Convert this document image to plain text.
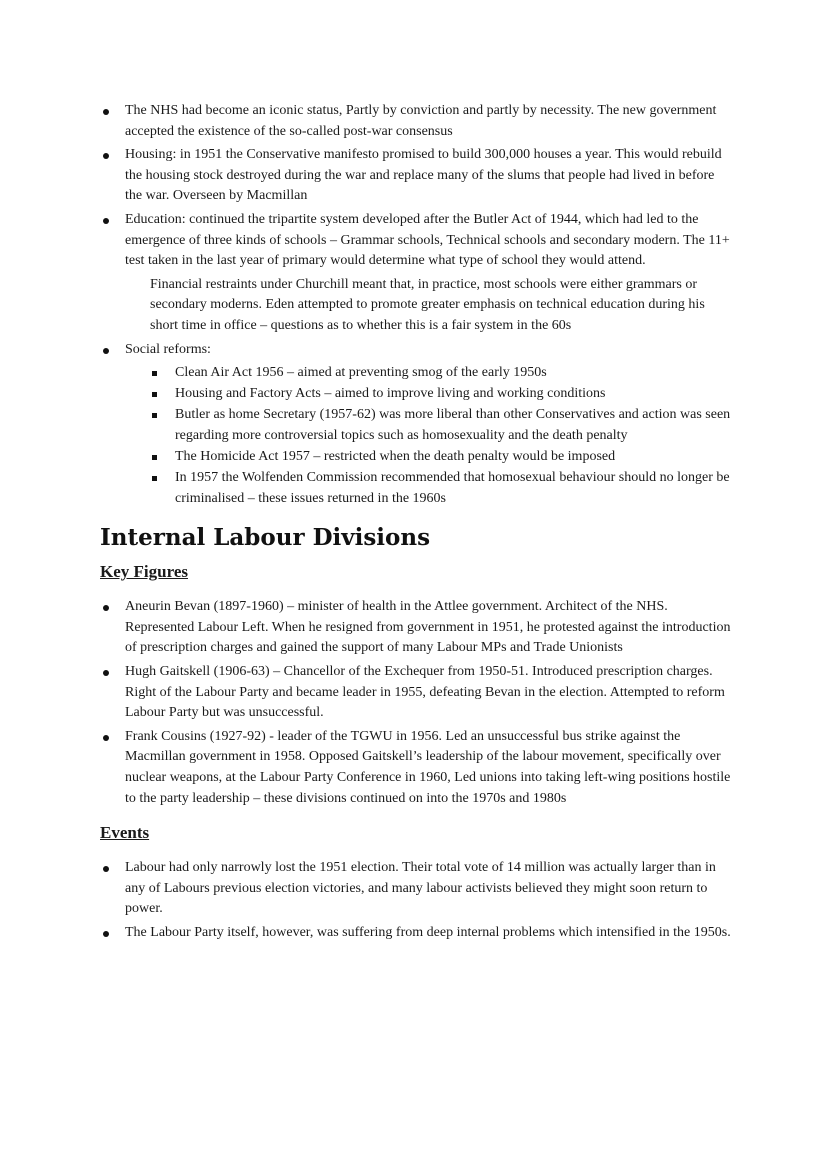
The NHS had become an iconic status, Partly by conviction and partly by necessity. The new government accepted the existence of the so-called post-war consensus
Housing: in 1951 the Conservative manifesto promised to build 300,000 houses a year. This would rebuild the housing stock destroyed during the war and replace many of the slums that people had lived in before the war. Overseen by Macmillan
Education: continued the tripartite system developed after the Butler Act of 1944, which had led to the emergence of three kinds of schools – Grammar schools, Technical schools and secondary modern. The 11+ test taken in the last year of primary would determine what type of school they would attend.

Financial restraints under Churchill meant that, in practice, most schools were either grammars or secondary moderns. Eden attempted to promote greater emphasis on technical education during his short time in office – questions as to whether this is a fair system in the 60s

Social reforms:
Clean Air Act 1956 – aimed at preventing smog of the early 1950s
Housing and Factory Acts – aimed to improve living and working conditions
Butler as home Secretary (1957-62) was more liberal than other Conservatives and action was seen regarding more controversial topics such as homosexuality and the death penalty
The Homicide Act 1957 – restricted when the death penalty would be imposed
In 1957 the Wolfenden Commission recommended that homosexual behaviour should no longer be criminalised – these issues returned in the 1960s
Internal Labour Divisions
Key Figures
Aneurin Bevan (1897-1960) – minister of health in the Attlee government. Architect of the NHS. Represented Labour Left. When he resigned from government in 1951, he protested against the introduction of prescription charges and gained the support of many Labour MPs and Trade Unionists
Hugh Gaitskell (1906-63) – Chancellor of the Exchequer from 1950-51. Introduced prescription charges. Right of the Labour Party and became leader in 1955, defeating Bevan in the election. Attempted to reform Labour Party but was unsuccessful.
Frank Cousins (1927-92) - leader of the TGWU in 1956. Led an unsuccessful bus strike against the Macmillan government in 1958. Opposed Gaitskell’s leadership of the labour movement, specifically over nuclear weapons, at the Labour Party Conference in 1960, Led unions into taking left-wing positions hostile to the party leadership – these divisions continued on into the 1970s and 1980s
Events
Labour had only narrowly lost the 1951 election. Their total vote of 14 million was actually larger than in any of Labours previous election victories, and many labour activists believed they might soon return to power.
The Labour Party itself, however, was suffering from deep internal problems which intensified in the 1950s.
